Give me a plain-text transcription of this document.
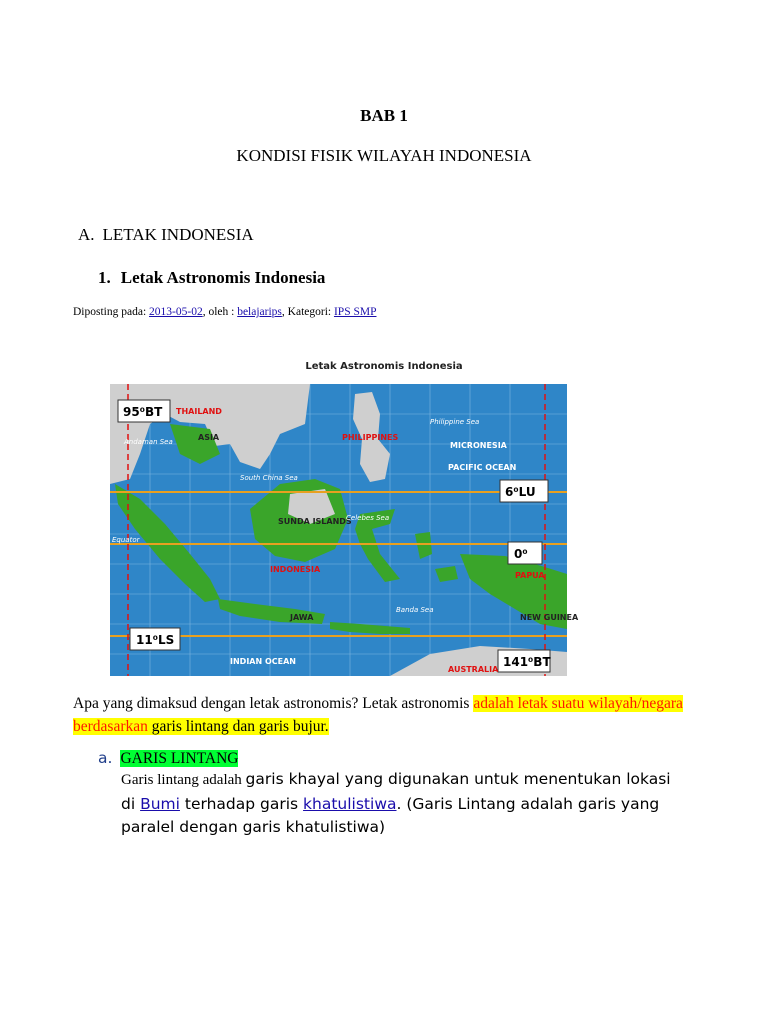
BAB 1
KONDISI FISIK WILAYAH INDONESIA
A. LETAK INDONESIA
1. Letak Astronomis Indonesia
Diposting pada: 2013-05-02, oleh : belajarips, Kategori: IPS SMP
Letak Astronomis Indonesia
95⁰BT
11⁰LS
6⁰LU
0⁰
141⁰BT
ASIA
INDONESIA
MICRONESIA
PACIFIC OCEAN
INDIAN OCEAN
AUSTRALIA
PHILIPPINES
THAILAND
SUNDA ISLANDS
NEW GUINEA
PAPUA
JAWA
Andaman Sea
South China Sea
Celebes Sea
Banda Sea
Philippine Sea
Equator
Apa yang dimaksud dengan letak astronomis? Letak astronomis adalah letak suatu wilayah/negara berdasarkan garis lintang dan garis bujur.
a. GARIS LINTANG
Garis lintang adalah garis khayal yang digunakan untuk menentukan lokasi di Bumi terhadap garis khatulistiwa. (Garis Lintang adalah garis yang paralel dengan garis khatulistiwa)
